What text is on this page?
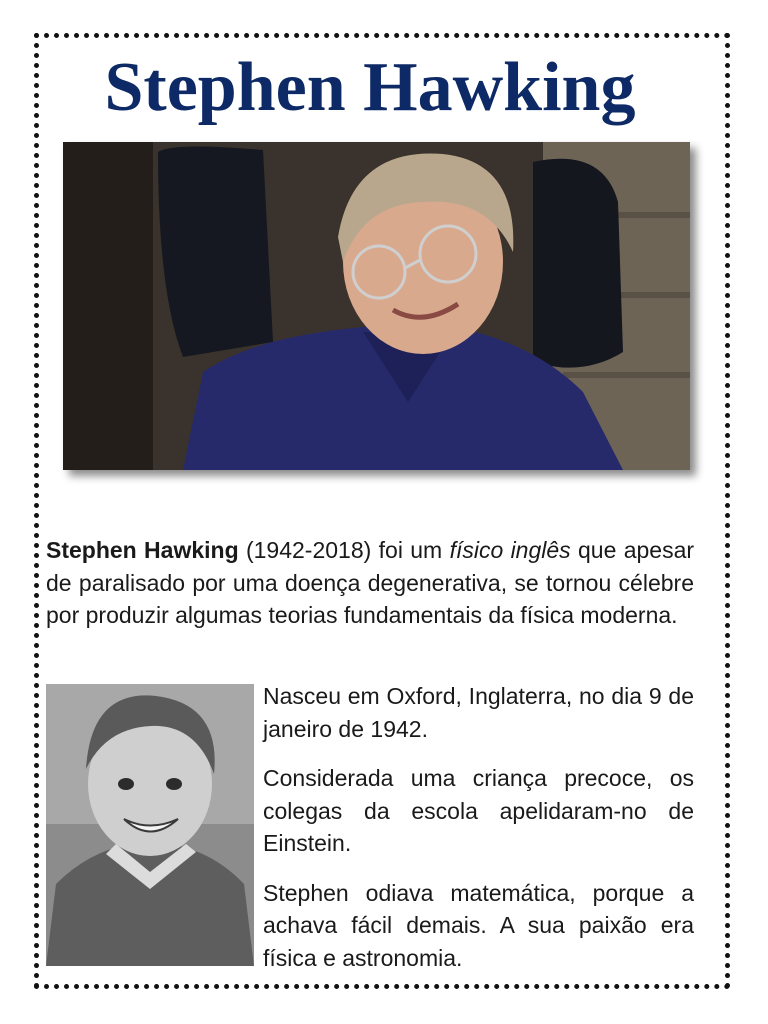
Stephen Hawking

Stephen Hawking (1942-2018) foi um físico inglês que apesar de paralisado por uma doença degenerativa, se tornou célebre por produzir algumas teorias fundamentais da física moderna.

Nasceu em Oxford, Inglaterra, no dia 9 de janeiro de 1942.

Considerada uma criança precoce, os colegas da escola apelidaram-no de Einstein.

Stephen odiava matemática, porque a achava fácil demais. A sua paixão era física e astronomia.
